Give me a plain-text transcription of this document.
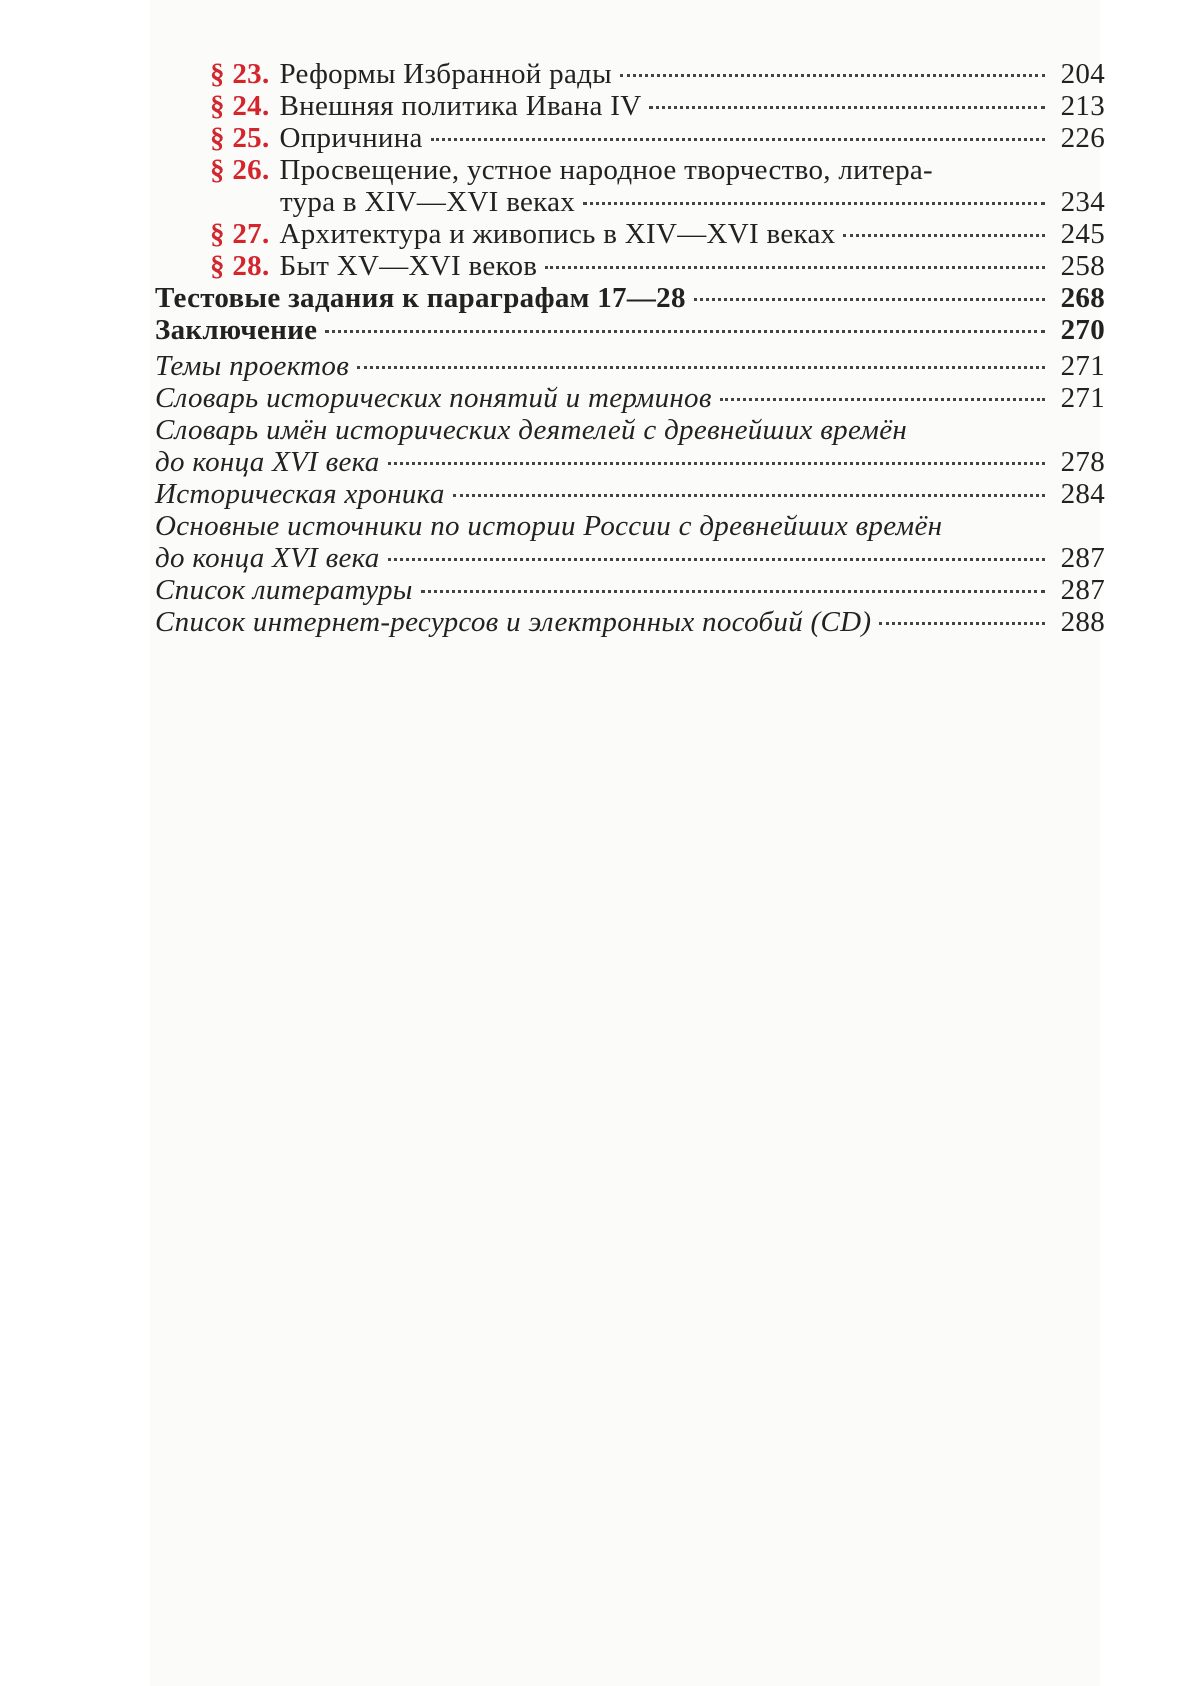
§ 23. Реформы Избранной рады	204
§ 24. Внешняя политика Ивана IV	213
§ 25. Опричнина	226
§ 26. Просвещение, устное народное творчество, литера-
тура в XIV—XVI веках	234
§ 27. Архитектура и живопись в XIV—XVI веках	245
§ 28. Быт XV—XVI веков	258
Тестовые задания к параграфам 17—28	268
Заключение	270
Темы проектов	271
Словарь исторических понятий и терминов	271
Словарь имён исторических деятелей с древнейших времён
до конца XVI века	278
Историческая хроника	284
Основные источники по истории России с древнейших времён
до конца XVI века	287
Список литературы	287
Список интернет-ресурсов и электронных пособий (CD)	288
